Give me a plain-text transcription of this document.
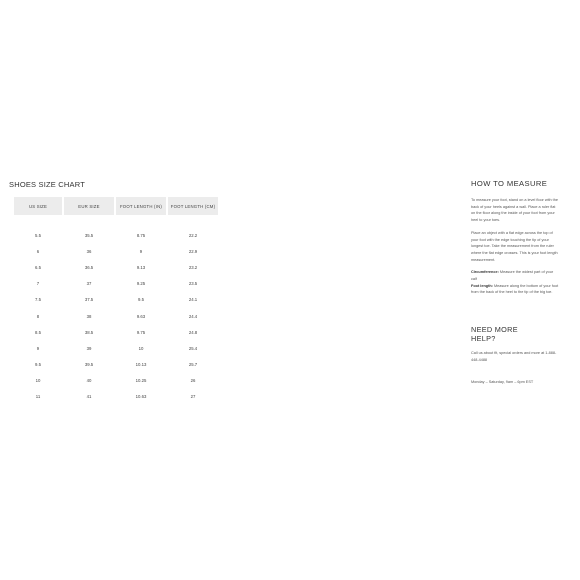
SHOES SIZE CHART
US SIZE	EUR SIZE	FOOT LENGTH (IN)	FOOT LENGTH (CM)

5.5	35.5	8.75	22.2
6	36	9	22.9
6.5	36.5	9.13	23.2
7	37	9.25	23.5
7.5	37.5	9.5	24.1
8	38	9.63	24.4
8.5	38.5	9.75	24.8
9	39	10	25.4
9.5	39.5	10.13	25.7
10	40	10.25	26
11	41	10.63	27
HOW TO MEASURE

To measure your foot, stand on a level floor with the back of your heels against a wall. Place a ruler flat on the floor along the inside of your foot from your heel to your toes.

Place an object with a flat edge across the top of your foot with the edge touching the tip of your longest toe. Take the measurement from the ruler where the flat edge crosses. This is your foot length measurement.

Circumference: Measure the widest part of your calf
Foot length: Measure along the bottom of your foot from the back of the heel to the tip of the big toe.
NEED MORE
HELP?

Call us about fit, special orders and more at 1-888-448-4488

Monday – Saturday, 9am – 6pm EST
